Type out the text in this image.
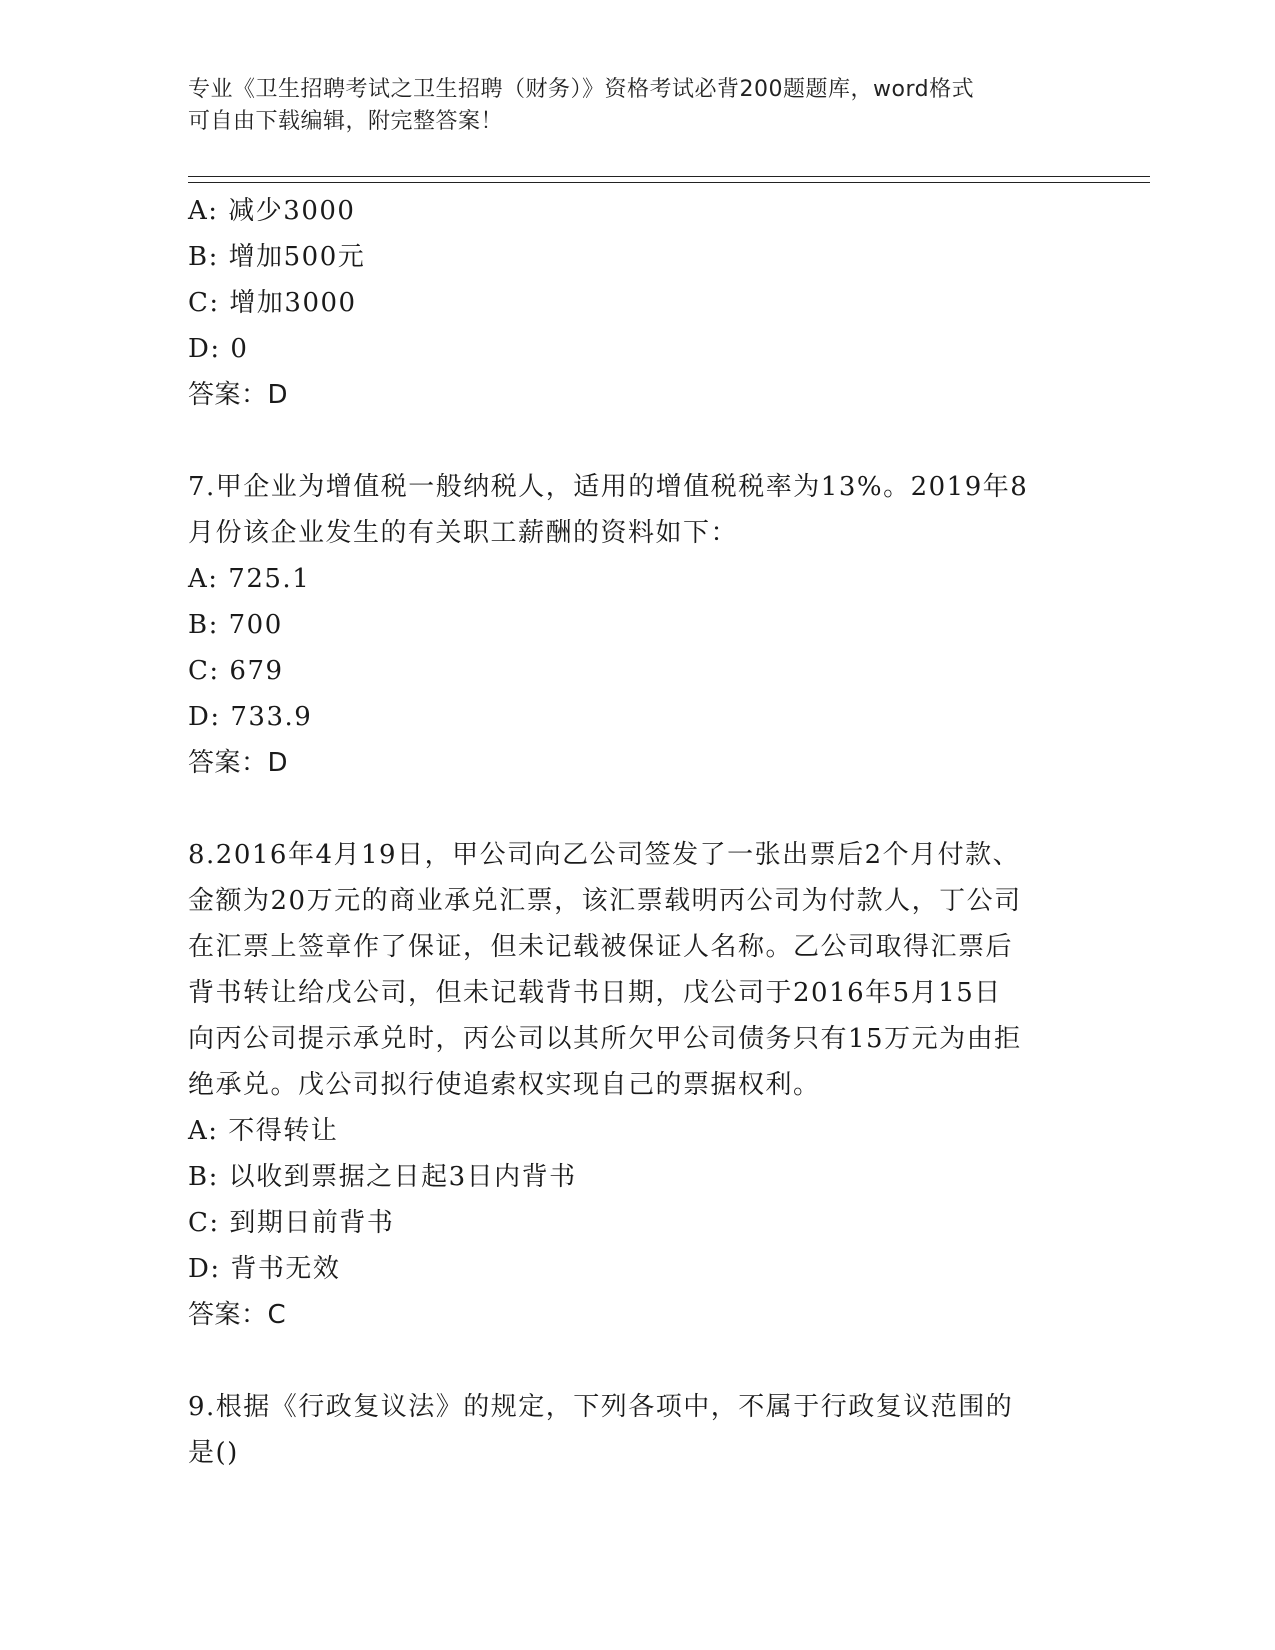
专业《卫生招聘考试之卫生招聘（财务）》资格考试必背200题题库，word格式
可自由下载编辑，附完整答案！
A: 减少3000
B: 增加500元
C: 增加3000
D: 0
答案：D
7.甲企业为增值税一般纳税人，适用的增值税税率为13%。2019年8
月份该企业发生的有关职工薪酬的资料如下：
A: 725.1
B: 700
C: 679
D: 733.9
答案：D
8.2016年4月19日，甲公司向乙公司签发了一张出票后2个月付款、
金额为20万元的商业承兑汇票，该汇票载明丙公司为付款人，丁公司
在汇票上签章作了保证，但未记载被保证人名称。乙公司取得汇票后
背书转让给戊公司，但未记载背书日期，戊公司于2016年5月15日
向丙公司提示承兑时，丙公司以其所欠甲公司债务只有15万元为由拒
绝承兑。戊公司拟行使追索权实现自己的票据权利。
A: 不得转让
B: 以收到票据之日起3日内背书
C: 到期日前背书
D: 背书无效
答案：C
9.根据《行政复议法》的规定，下列各项中，不属于行政复议范围的
是()
